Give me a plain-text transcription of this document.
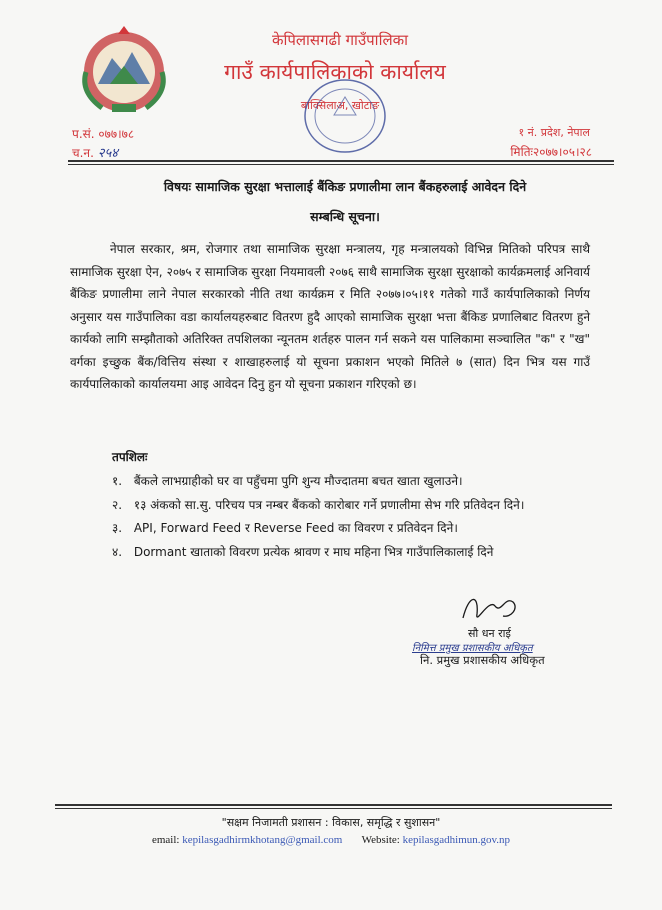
केपिलासगढी गाउँपालिका
गाउँ कार्यपालिकाको कार्यालय
बाक्सिलाअ, खोटाङ
प.सं. ०७७।७८
च.न. २५४
१ नं. प्रदेश, नेपाल
मितिः२०७७।०५।२८
विषयः सामाजिक सुरक्षा भत्तालाई बैंकिङ प्रणालीमा लान बैंकहरुलाई आवेदन दिने
सम्बन्धि सूचना।
नेपाल सरकार, श्रम, रोजगार तथा सामाजिक सुरक्षा मन्त्रालय, गृह मन्त्रालयको विभिन्न मितिको परिपत्र साथै सामाजिक सुरक्षा ऐन, २०७५ र सामाजिक सुरक्षा नियमावली २०७६ साथै सामाजिक सुरक्षा सुरक्षाको कार्यक्रमलाई अनिवार्य बैंकिङ प्रणालीमा लाने नेपाल सरकारको नीति तथा कार्यक्रम र मिति २०७७।०५।११ गतेको गाउँ कार्यपालिकाको निर्णय अनुसार यस गाउँपालिका वडा कार्यालयहरुबाट वितरण हुदै आएको सामाजिक सुरक्षा भत्ता बैंकिङ प्रणालिबाट वितरण हुने कार्यको लागि सम्झौताको अतिरिक्त तपशिलका न्यूनतम शर्तहरु पालन गर्न सकने यस पालिकामा सञ्चालित "क" र "ख" वर्गका इच्छुक बैंक/वित्तिय संस्था र शाखाहरुलाई यो सूचना प्रकाशन भएको मितिले ७ (सात) दिन भित्र यस गाउँ कार्यपालिकाको कार्यालयमा आइ आवेदन दिनु हुन यो सूचना प्रकाशन गरिएको छ।
तपशिलः
१. बैंकले लाभग्राहीको घर वा पहुँचमा पुगि शुन्य मौज्दातमा बचत खाता खुलाउने।
२. १३ अंकको सा.सु. परिचय पत्र नम्बर बैंकको कारोबार गर्ने प्रणालीमा सेभ गरि प्रतिवेदन दिने।
३. API, Forward Feed र Reverse Feed का विवरण र प्रतिवेदन दिने।
४. Dormant खाताको विवरण प्रत्येक श्रावण र माघ महिना भित्र गाउँपालिकालाई दिने
सौ धन राई
निमित्त प्रमुख प्रशासकीय अधिकृत
नि. प्रमुख प्रशासकीय अधिकृत
"सक्षम निजामती प्रशासन : विकास, समृद्धि र सुशासन"
email: kepilasgadhirmkhotang@gmail.com Website: kepilasgadhimun.gov.np
